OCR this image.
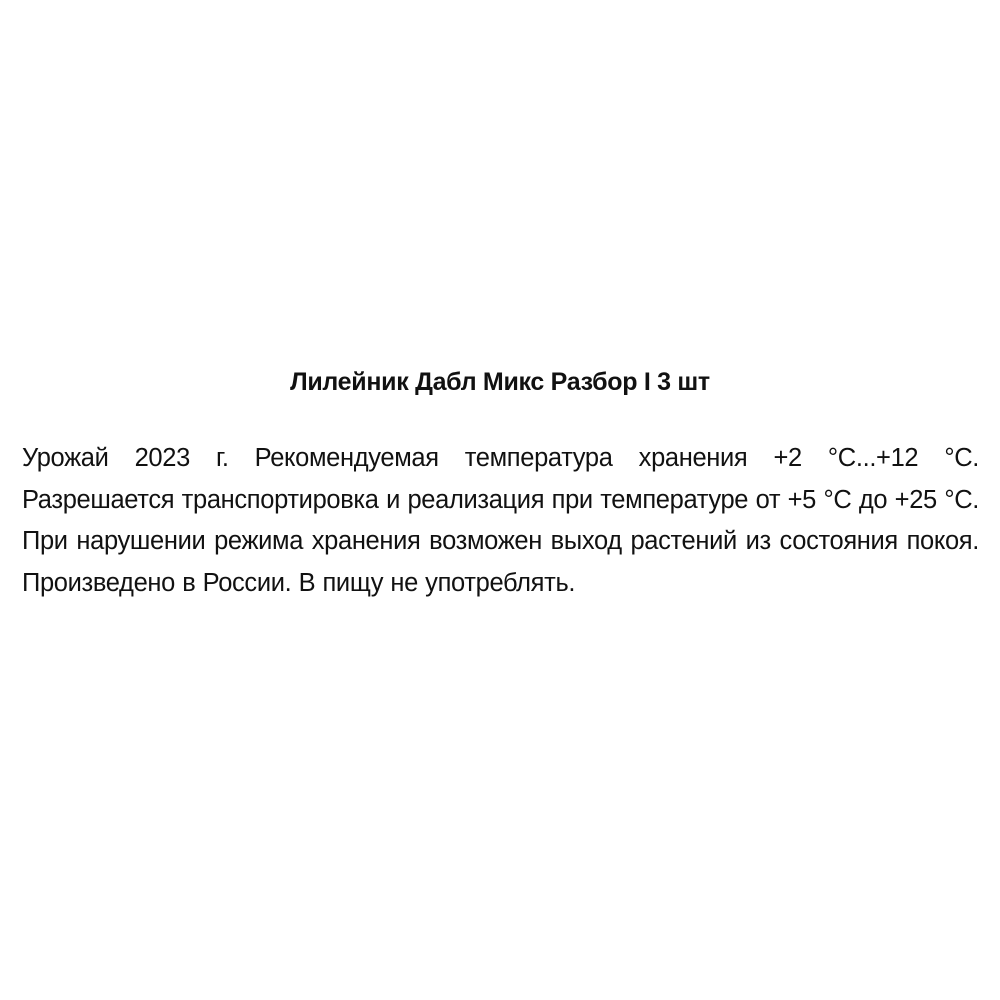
Лилейник Дабл Микс Разбор I 3 шт

Урожай 2023 г. Рекомендуемая температура хранения +2 °С...+12 °С. Разрешается транспортировка и реализация при температуре от +5 °С до +25 °С. При нарушении режима хранения возможен выход растений из состояния покоя. Произведено в России. В пищу не употреблять.
